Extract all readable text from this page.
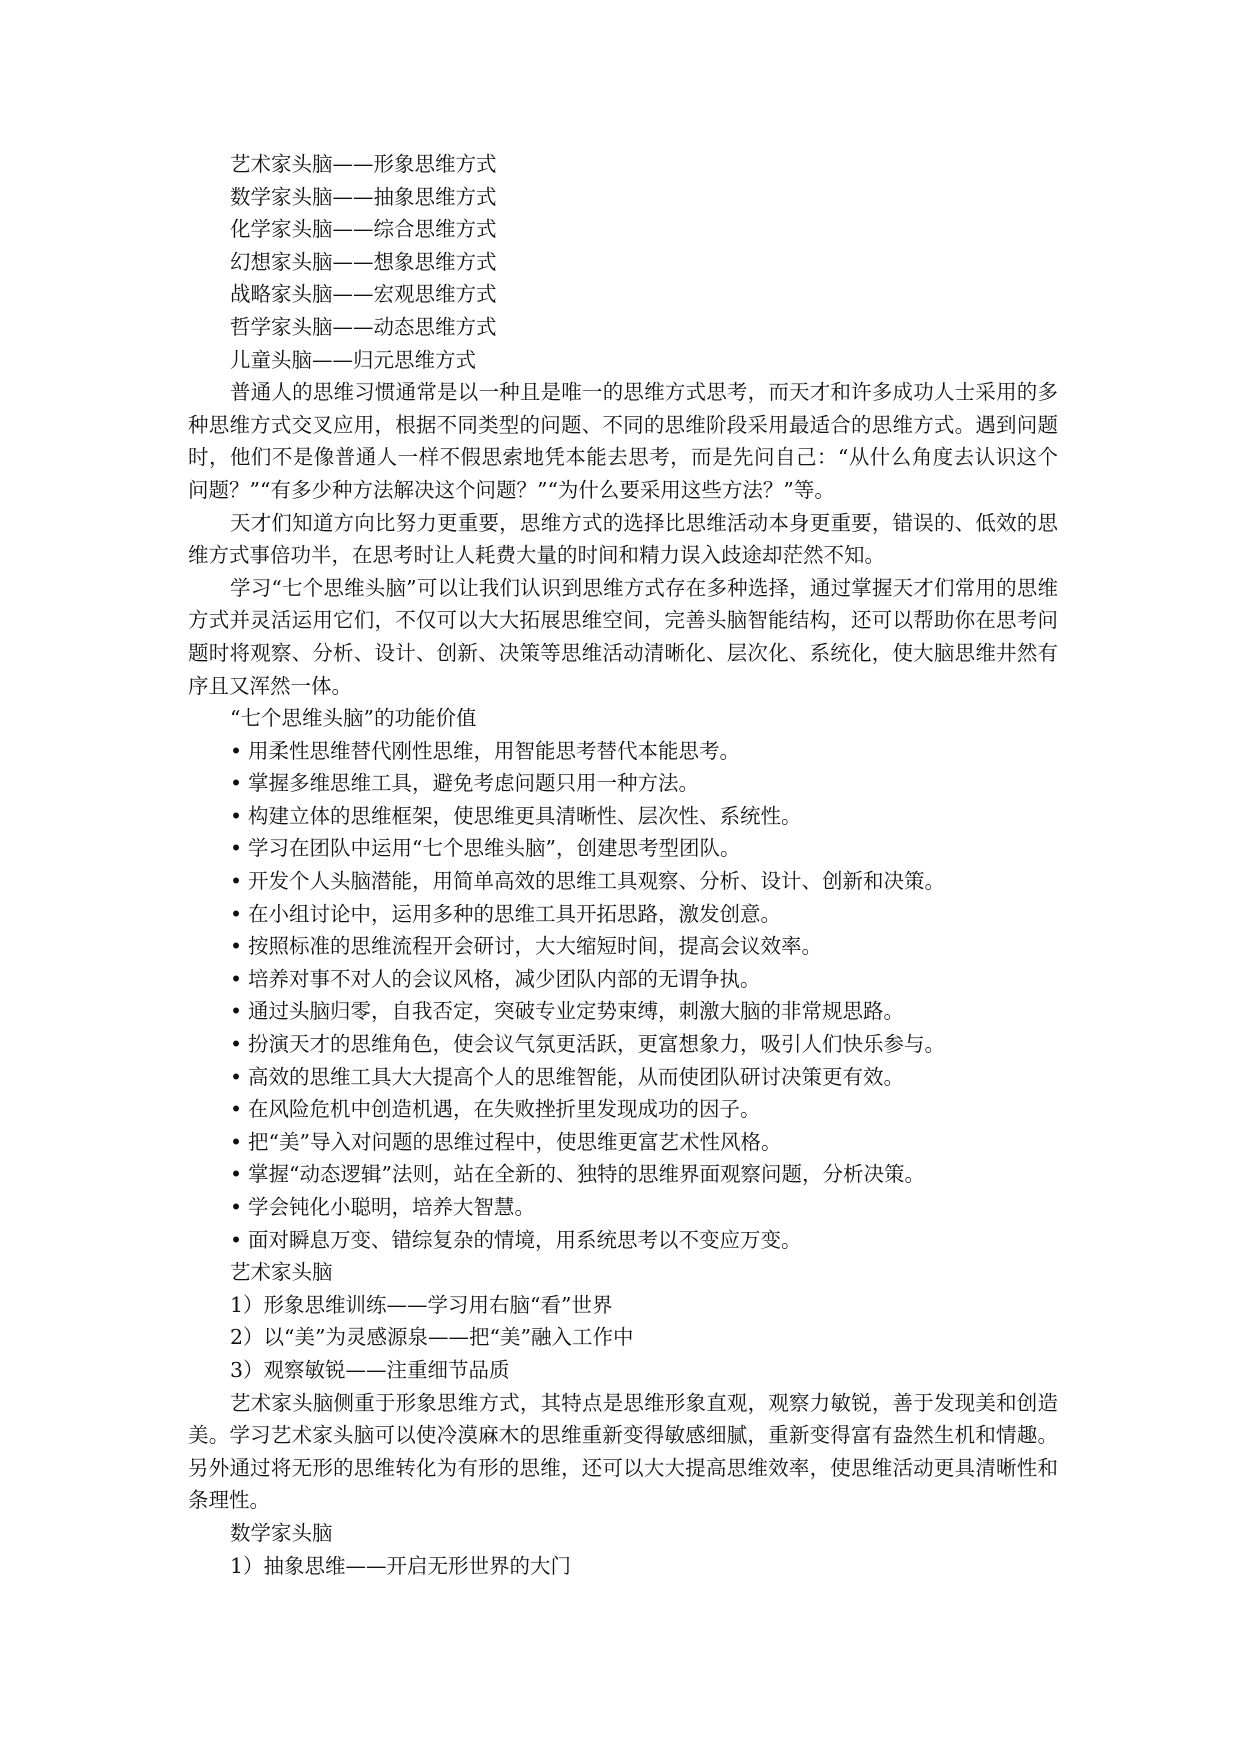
艺术家头脑——形象思维方式

数学家头脑——抽象思维方式

化学家头脑——综合思维方式

幻想家头脑——想象思维方式

战略家头脑——宏观思维方式

哲学家头脑——动态思维方式

儿童头脑——归元思维方式

普通人的思维习惯通常是以一种且是唯一的思维方式思考，而天才和许多成功人士采用的多种思维方式交叉应用，根据不同类型的问题、不同的思维阶段采用最适合的思维方式。遇到问题时，他们不是像普通人一样不假思索地凭本能去思考，而是先问自己：“从什么角度去认识这个问题？”“有多少种方法解决这个问题？”“为什么要采用这些方法？”等。

天才们知道方向比努力更重要，思维方式的选择比思维活动本身更重要，错误的、低效的思维方式事倍功半，在思考时让人耗费大量的时间和精力误入歧途却茫然不知。

学习“七个思维头脑”可以让我们认识到思维方式存在多种选择，通过掌握天才们常用的思维方式并灵活运用它们，不仅可以大大拓展思维空间，完善头脑智能结构，还可以帮助你在思考问题时将观察、分析、设计、创新、决策等思维活动清晰化、层次化、系统化，使大脑思维井然有序且又浑然一体。

“七个思维头脑”的功能价值

• 用柔性思维替代刚性思维，用智能思考替代本能思考。
• 掌握多维思维工具，避免考虑问题只用一种方法。
• 构建立体的思维框架，使思维更具清晰性、层次性、系统性。
• 学习在团队中运用“七个思维头脑”，创建思考型团队。
• 开发个人头脑潜能，用简单高效的思维工具观察、分析、设计、创新和决策。
• 在小组讨论中，运用多种的思维工具开拓思路，激发创意。
• 按照标准的思维流程开会研讨，大大缩短时间，提高会议效率。
• 培养对事不对人的会议风格，减少团队内部的无谓争执。
• 通过头脑归零，自我否定，突破专业定势束缚，刺激大脑的非常规思路。
• 扮演天才的思维角色，使会议气氛更活跃，更富想象力，吸引人们快乐参与。
• 高效的思维工具大大提高个人的思维智能，从而使团队研讨决策更有效。
• 在风险危机中创造机遇，在失败挫折里发现成功的因子。
• 把“美”导入对问题的思维过程中，使思维更富艺术性风格。
• 掌握“动态逻辑”法则，站在全新的、独特的思维界面观察问题，分析决策。
• 学会钝化小聪明，培养大智慧。
• 面对瞬息万变、错综复杂的情境，用系统思考以不变应万变。

艺术家头脑

1）形象思维训练——学习用右脑“看”世界

2）以“美”为灵感源泉——把“美”融入工作中

3）观察敏锐——注重细节品质

艺术家头脑侧重于形象思维方式，其特点是思维形象直观，观察力敏锐，善于发现美和创造美。学习艺术家头脑可以使冷漠麻木的思维重新变得敏感细腻，重新变得富有盎然生机和情趣。另外通过将无形的思维转化为有形的思维，还可以大大提高思维效率，使思维活动更具清晰性和条理性。

数学家头脑

1）抽象思维——开启无形世界的大门
